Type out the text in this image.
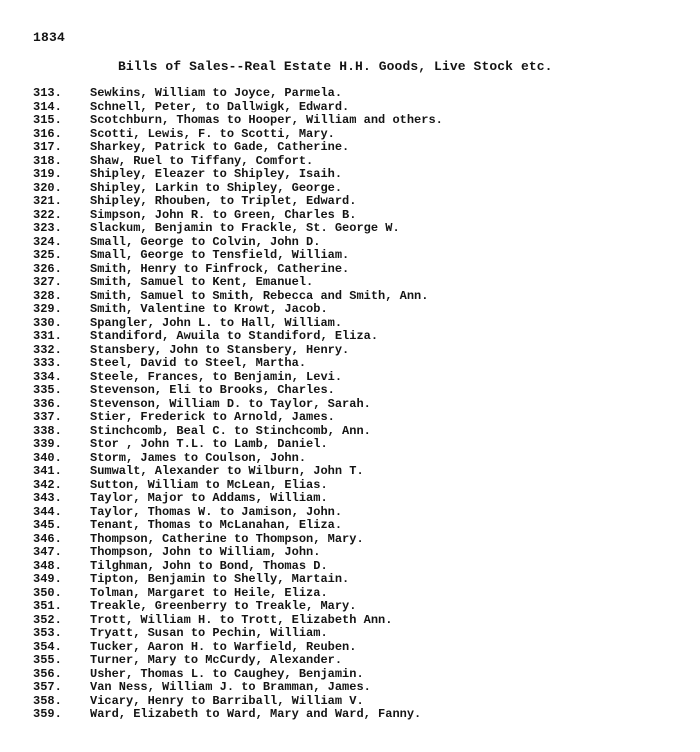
1834
Bills of Sales--Real Estate H.H. Goods, Live Stock etc.
313. Sewkins, William to Joyce, Parmela.
314. Schnell, Peter, to Dallwigk, Edward.
315. Scotchburn, Thomas to Hooper, William and others.
316. Scotti, Lewis, F. to Scotti, Mary.
317. Sharkey, Patrick to Gade, Catherine.
318. Shaw, Ruel to Tiffany, Comfort.
319. Shipley, Eleazer to Shipley, Isaih.
320. Shipley, Larkin to Shipley, George.
321. Shipley, Rhouben, to Triplet, Edward.
322. Simpson, John R. to Green, Charles B.
323. Slackum, Benjamin to Frackle, St. George W.
324. Small, George to Colvin, John D.
325. Small, George to Tensfield, William.
326. Smith, Henry to Finfrock, Catherine.
327. Smith, Samuel to Kent, Emanuel.
328. Smith, Samuel to Smith, Rebecca and Smith, Ann.
329. Smith, Valentine to Krowt, Jacob.
330. Spangler, John L. to Hall, William.
331. Standiford, Awuila to Standiford, Eliza.
332. Stansbery, John to Stansbery, Henry.
333. Steel, David to Steel, Martha.
334. Steele, Frances, to Benjamin, Levi.
335. Stevenson, Eli to Brooks, Charles.
336. Stevenson, William D. to Taylor, Sarah.
337. Stier, Frederick to Arnold, James.
338. Stinchcomb, Beal C. to Stinchcomb, Ann.
339. Stor , John T.L. to Lamb, Daniel.
340. Storm, James to Coulson, John.
341. Sumwalt, Alexander to Wilburn, John T.
342. Sutton, William to McLean, Elias.
343. Taylor, Major to Addams, William.
344. Taylor, Thomas W. to Jamison, John.
345. Tenant, Thomas to McLanahan, Eliza.
346. Thompson, Catherine to Thompson, Mary.
347. Thompson, John to William, John.
348. Tilghman, John to Bond, Thomas D.
349. Tipton, Benjamin to Shelly, Martain.
350. Tolman, Margaret to Heile, Eliza.
351. Treakle, Greenberry to Treakle, Mary.
352. Trott, William H. to Trott, Elizabeth Ann.
353. Tryatt, Susan to Pechin, William.
354. Tucker, Aaron H. to Warfield, Reuben.
355. Turner, Mary to McCurdy, Alexander.
356. Usher, Thomas L. to Caughey, Benjamin.
357. Van Ness, William J. to Bramman, James.
358. Vicary, Henry to Barriball, William V.
359. Ward, Elizabeth to Ward, Mary and Ward, Fanny.
